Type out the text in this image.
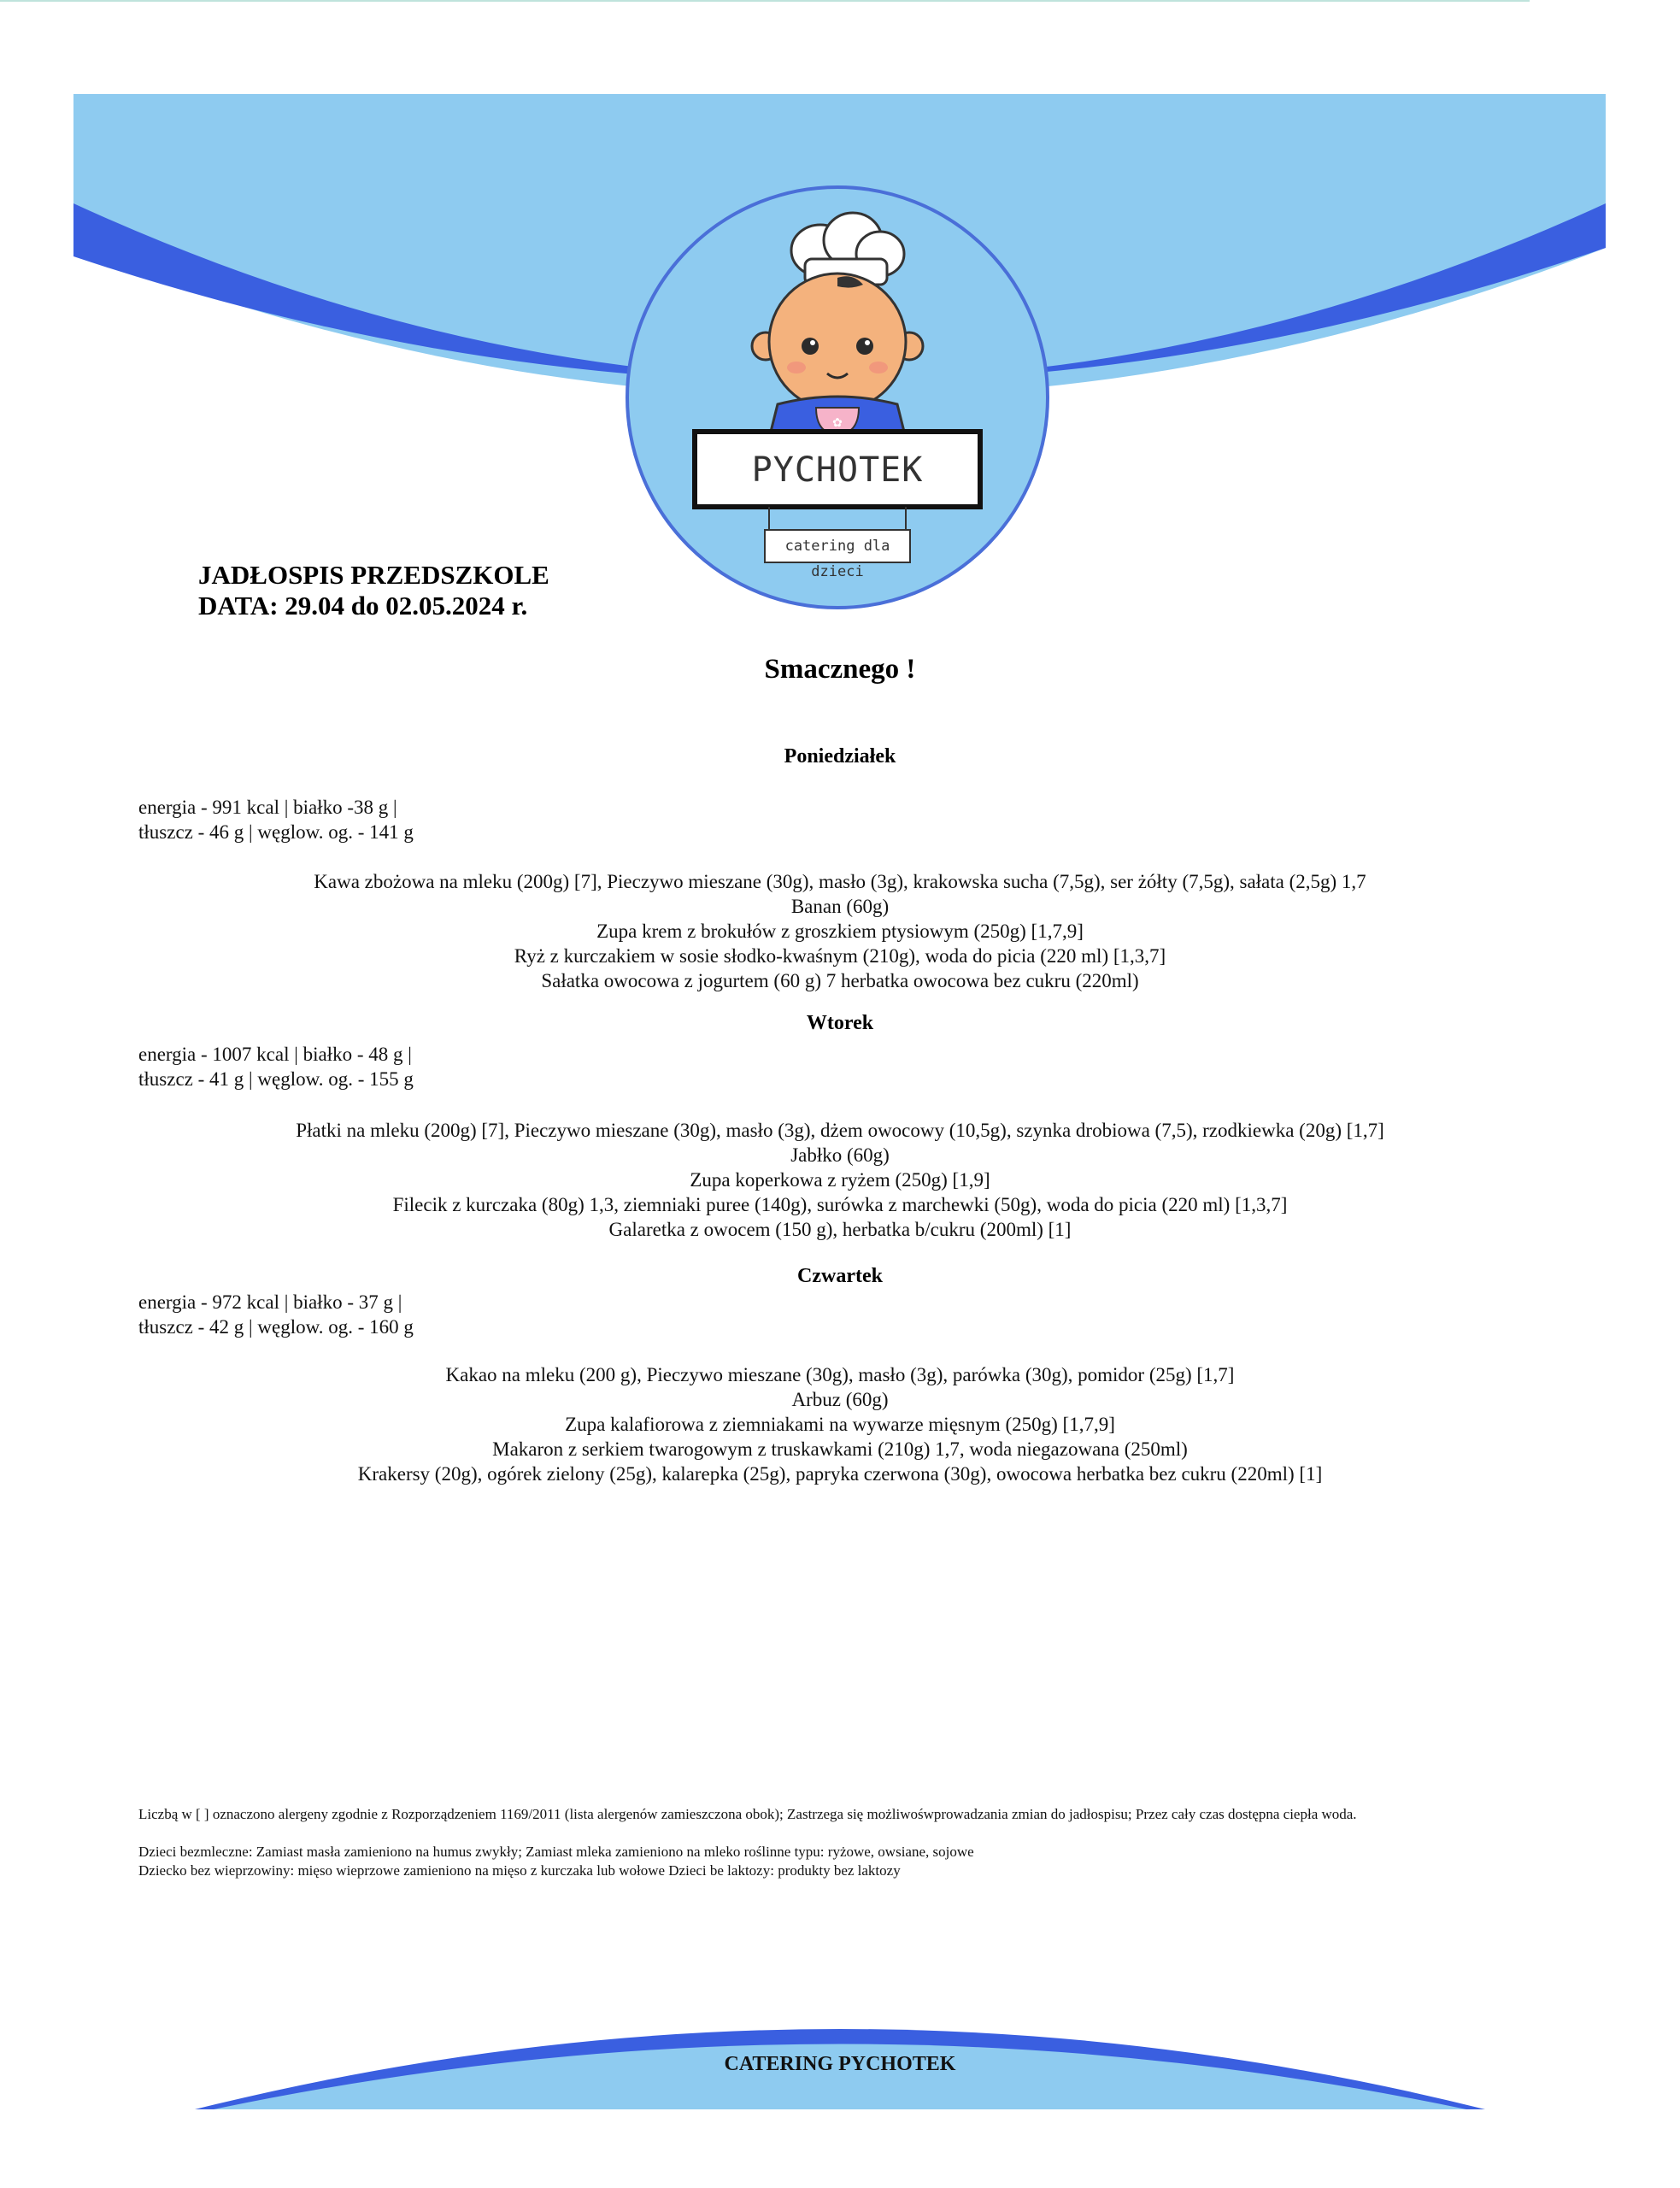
✿
PYCHOTEK
catering dla dzieci
JADŁOSPIS PRZEDSZKOLE
DATA: 29.04 do 02.05.2024 r.
Smacznego !
Poniedziałek
energia - 991 kcal | białko -38 g |
tłuszcz - 46 g | węglow. og. - 141 g
Kawa zbożowa na mleku (200g) [7], Pieczywo mieszane (30g), masło (3g), krakowska sucha (7,5g), ser żółty (7,5g), sałata (2,5g) 1,7
Banan (60g)
Zupa krem z brokułów z groszkiem ptysiowym (250g) [1,7,9]
Ryż z kurczakiem w sosie słodko-kwaśnym (210g), woda do picia (220 ml) [1,3,7]
Sałatka owocowa z jogurtem (60 g) 7 herbatka owocowa bez cukru (220ml)
Wtorek
energia - 1007 kcal | białko - 48 g |
tłuszcz - 41 g | węglow. og. - 155 g
Płatki na mleku (200g) [7], Pieczywo mieszane (30g), masło (3g), dżem owocowy (10,5g), szynka drobiowa (7,5), rzodkiewka (20g) [1,7]
Jabłko (60g)
Zupa koperkowa z ryżem (250g) [1,9]
Filecik z kurczaka (80g) 1,3, ziemniaki puree (140g), surówka z marchewki (50g), woda do picia (220 ml) [1,3,7]
Galaretka z owocem (150 g), herbatka b/cukru (200ml) [1]
Czwartek
energia - 972 kcal | białko - 37 g |
tłuszcz - 42 g | węglow. og. - 160 g
Kakao na mleku (200 g), Pieczywo mieszane (30g), masło (3g), parówka (30g), pomidor (25g) [1,7]
Arbuz (60g)
Zupa kalafiorowa z ziemniakami na wywarze mięsnym (250g) [1,7,9]
Makaron z serkiem twarogowym z truskawkami (210g) 1,7, woda niegazowana (250ml)
Krakersy (20g), ogórek zielony (25g), kalarepka (25g), papryka czerwona (30g), owocowa herbatka bez cukru (220ml) [1]

Liczbą w [ ] oznaczono alergeny zgodnie z Rozporządzeniem 1169/2011 (lista alergenów zamieszczona obok); Zastrzega się możliwośwprowadzania zmian do jadłospisu; Przez cały czas dostępna ciepła woda.

Dzieci bezmleczne: Zamiast masła zamieniono na humus zwykły; Zamiast mleka zamieniono na mleko roślinne typu: ryżowe, owsiane, sojowe
Dziecko bez wieprzowiny: mięso wieprzowe zamieniono na mięso z kurczaka lub wołowe Dzieci be laktozy: produkty bez laktozy
CATERING PYCHOTEK
